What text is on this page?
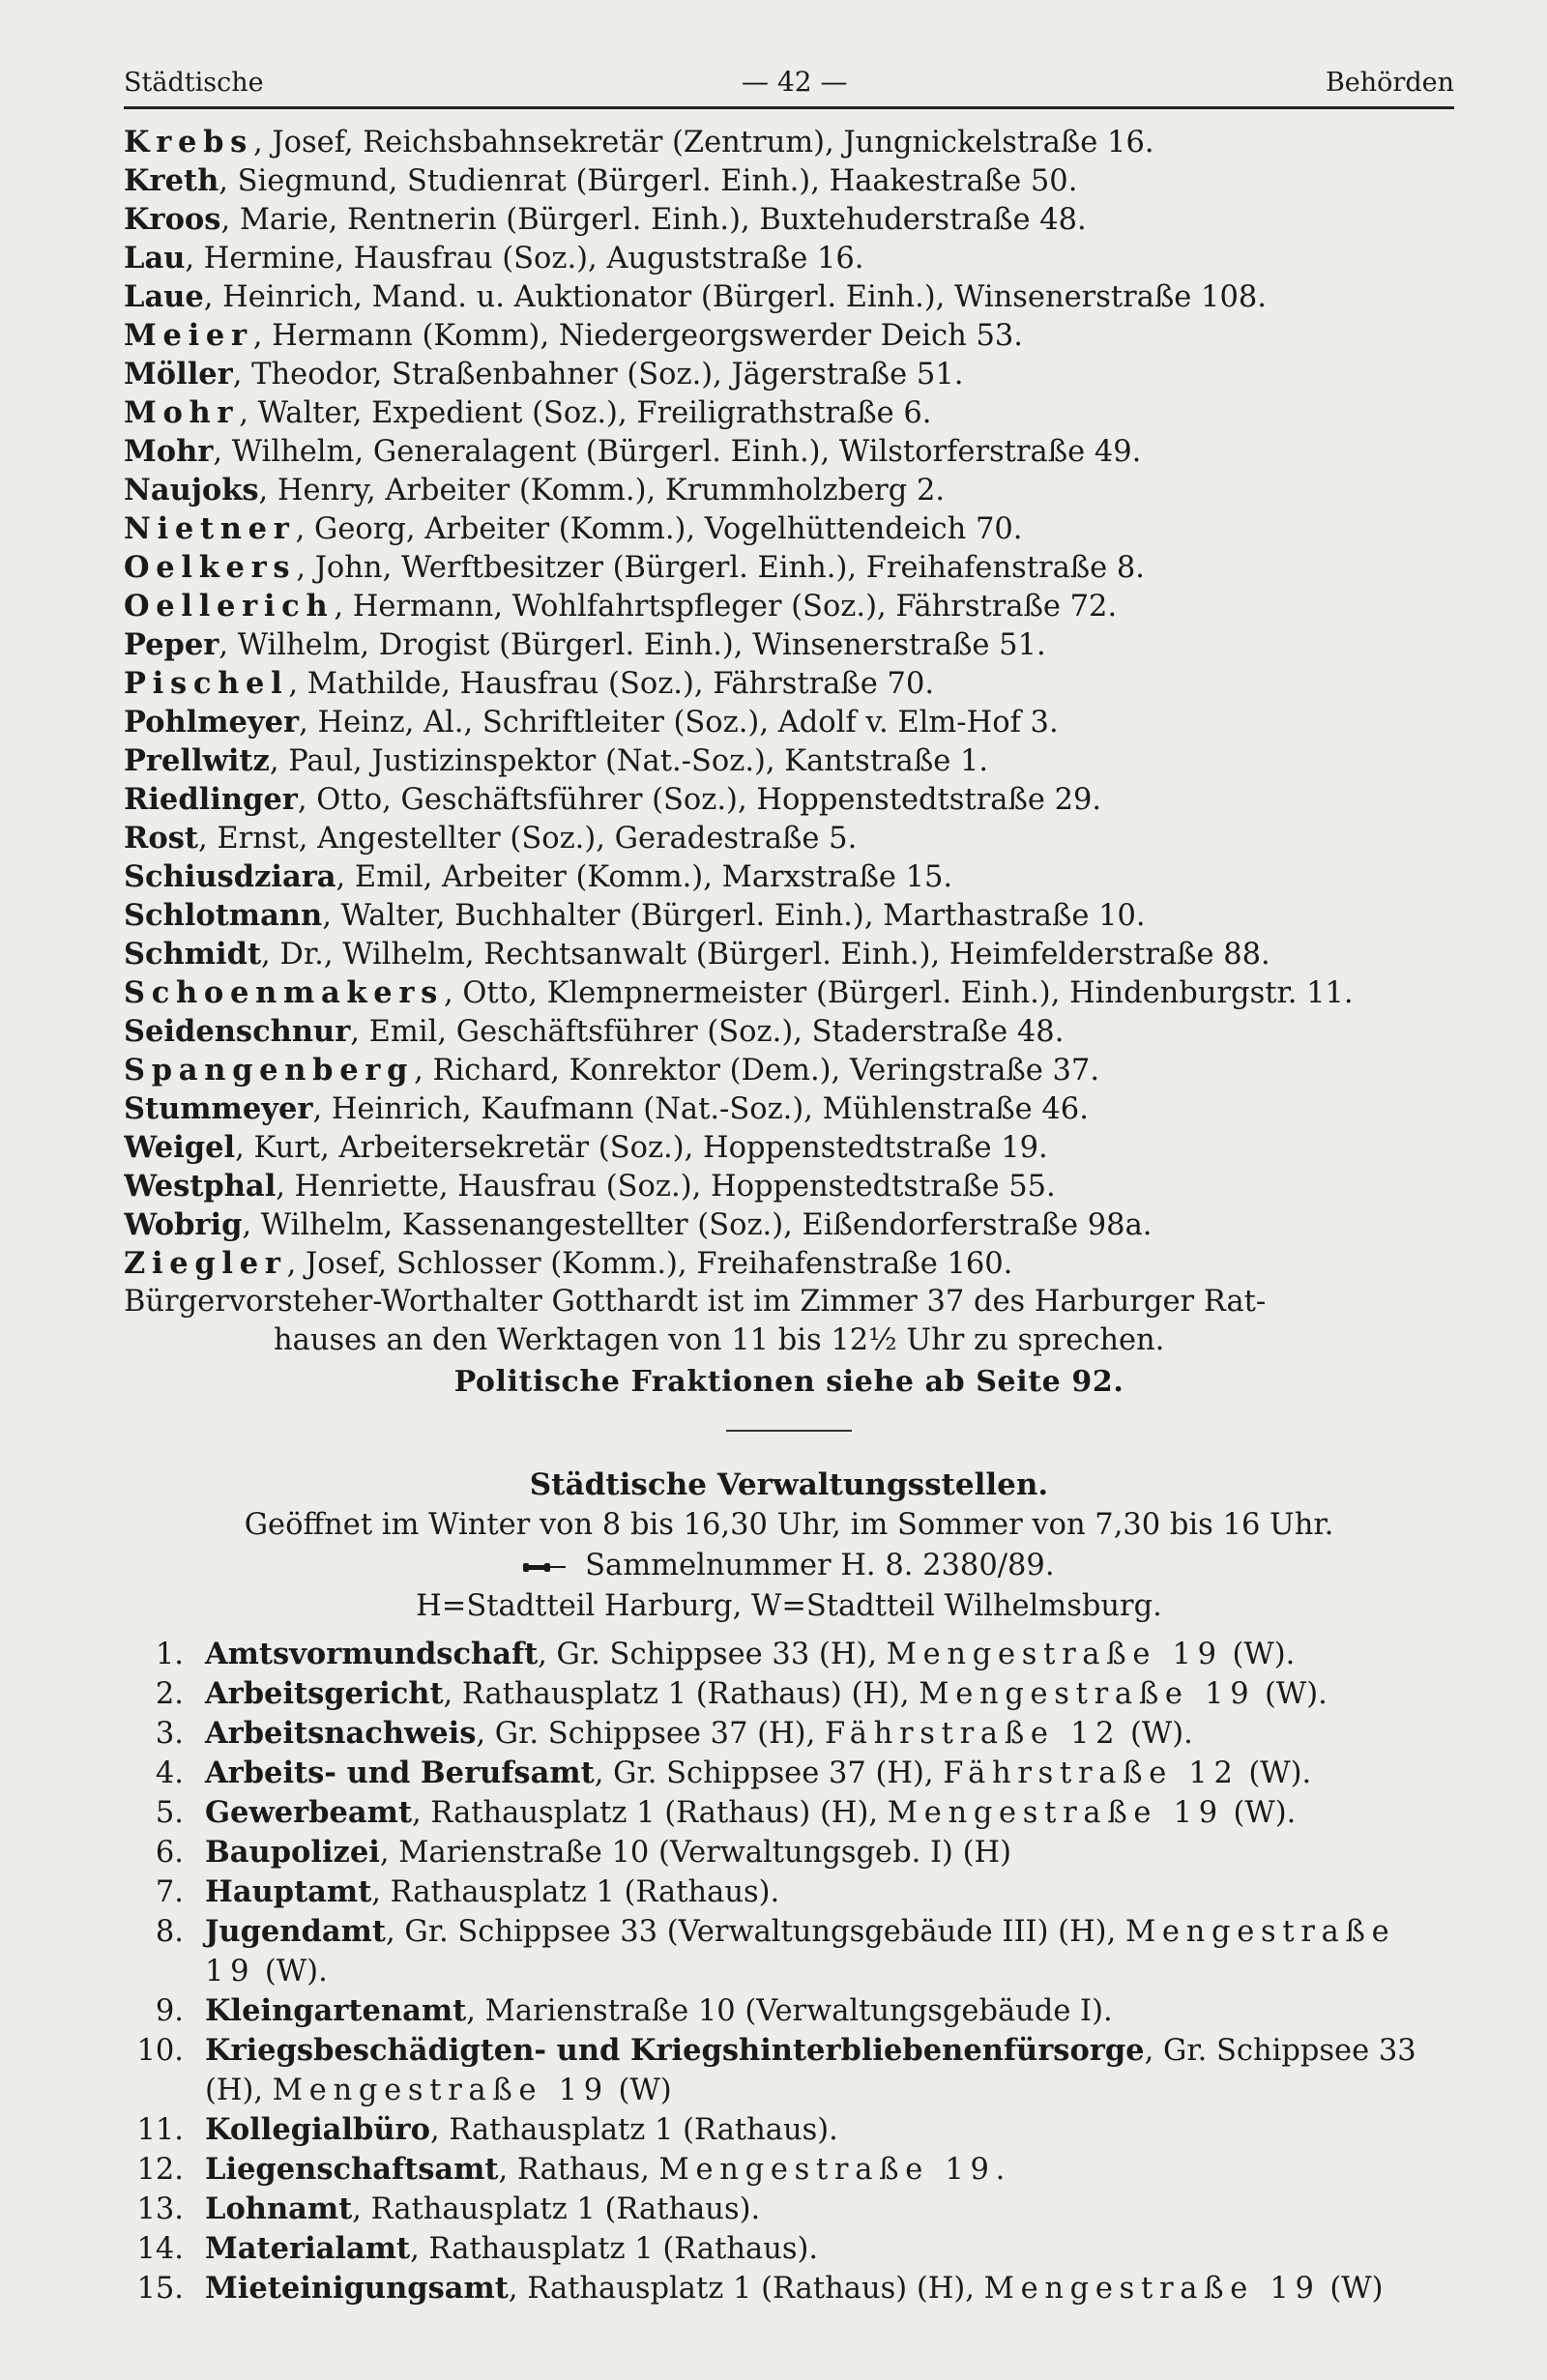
Städtische	— 42 —	Behörden
Krebs, Josef, Reichsbahnsekretär (Zentrum), Jungnickelstraße 16.
Kreth, Siegmund, Studienrat (Bürgerl. Einh.), Haakestraße 50.
Kroos, Marie, Rentnerin (Bürgerl. Einh.), Buxtehuderstraße 48.
Lau, Hermine, Hausfrau (Soz.), Auguststraße 16.
Laue, Heinrich, Mand. u. Auktionator (Bürgerl. Einh.), Winsenerstraße 108.
Meier, Hermann (Komm), Niedergeorgswerder Deich 53.
Möller, Theodor, Straßenbahner (Soz.), Jägerstraße 51.
Mohr, Walter, Expedient (Soz.), Freiligrathstraße 6.
Mohr, Wilhelm, Generalagent (Bürgerl. Einh.), Wilstorferstraße 49.
Naujoks, Henry, Arbeiter (Komm.), Krummholzberg 2.
Nietner, Georg, Arbeiter (Komm.), Vogelhüttendeich 70.
Oelkers, John, Werftbesitzer (Bürgerl. Einh.), Freihafenstraße 8.
Oellerich, Hermann, Wohlfahrtspfleger (Soz.), Fährstraße 72.
Peper, Wilhelm, Drogist (Bürgerl. Einh.), Winsenerstraße 51.
Pischel, Mathilde, Hausfrau (Soz.), Fährstraße 70.
Pohlmeyer, Heinz, Al., Schriftleiter (Soz.), Adolf v. Elm-Hof 3.
Prellwitz, Paul, Justizinspektor (Nat.-Soz.), Kantstraße 1.
Riedlinger, Otto, Geschäftsführer (Soz.), Hoppenstedtstraße 29.
Rost, Ernst, Angestellter (Soz.), Geradestraße 5.
Schiusdziara, Emil, Arbeiter (Komm.), Marxstraße 15.
Schlotmann, Walter, Buchhalter (Bürgerl. Einh.), Marthastraße 10.
Schmidt, Dr., Wilhelm, Rechtsanwalt (Bürgerl. Einh.), Heimfelderstraße 88.
Schoenmakers, Otto, Klempnermeister (Bürgerl. Einh.), Hindenburgstr. 11.
Seidenschnur, Emil, Geschäftsführer (Soz.), Staderstraße 48.
Spangenberg, Richard, Konrektor (Dem.), Veringstraße 37.
Stummeyer, Heinrich, Kaufmann (Nat.-Soz.), Mühlenstraße 46.
Weigel, Kurt, Arbeitersekretär (Soz.), Hoppenstedtstraße 19.
Westphal, Henriette, Hausfrau (Soz.), Hoppenstedtstraße 55.
Wobrig, Wilhelm, Kassenangestellter (Soz.), Eißendorferstraße 98a.
Ziegler, Josef, Schlosser (Komm.), Freihafenstraße 160.
Bürgervorsteher-Worthalter Gotthardt ist im Zimmer 37 des Harburger Rat-
hauses an den Werktagen von 11 bis 12½ Uhr zu sprechen.
Politische Fraktionen siehe ab Seite 92.
Städtische Verwaltungsstellen.
Geöffnet im Winter von 8 bis 16,30 Uhr, im Sommer von 7,30 bis 16 Uhr.
Sammelnummer H. 8. 2380/89.
H=Stadtteil Harburg, W=Stadtteil Wilhelmsburg.
1. Amtsvormundschaft, Gr. Schippsee 33 (H), Mengestraße 19 (W).
2. Arbeitsgericht, Rathausplatz 1 (Rathaus) (H), Mengestraße 19 (W).
3. Arbeitsnachweis, Gr. Schippsee 37 (H), Fährstraße 12 (W).
4. Arbeits- und Berufsamt, Gr. Schippsee 37 (H), Fährstraße 12 (W).
5. Gewerbeamt, Rathausplatz 1 (Rathaus) (H), Mengestraße 19 (W).
6. Baupolizei, Marienstraße 10 (Verwaltungsgeb. I) (H)
7. Hauptamt, Rathausplatz 1 (Rathaus).
8. Jugendamt, Gr. Schippsee 33 (Verwaltungsgebäude III) (H), Mengestraße 19 (W).
9. Kleingartenamt, Marienstraße 10 (Verwaltungsgebäude I).
10. Kriegsbeschädigten- und Kriegshinterbliebenenfürsorge, Gr. Schippsee 33 (H), Mengestraße 19 (W)
11. Kollegialbüro, Rathausplatz 1 (Rathaus).
12. Liegenschaftsamt, Rathaus, Mengestraße 19.
13. Lohnamt, Rathausplatz 1 (Rathaus).
14. Materialamt, Rathausplatz 1 (Rathaus).
15. Mieteinigungsamt, Rathausplatz 1 (Rathaus) (H), Mengestraße 19 (W)
